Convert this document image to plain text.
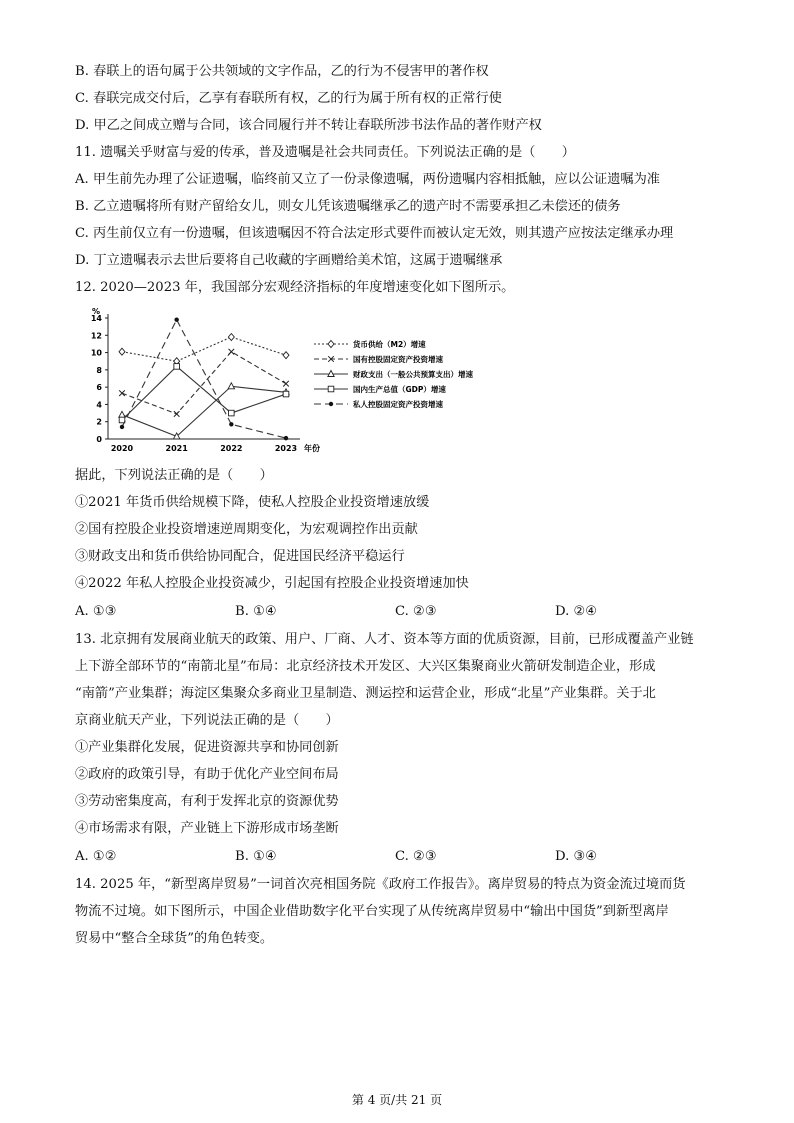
B. 春联上的语句属于公共领域的文字作品，乙的行为不侵害甲的著作权
C. 春联完成交付后，乙享有春联所有权，乙的行为属于所有权的正常行使
D. 甲乙之间成立赠与合同，该合同履行并不转让春联所涉书法作品的著作财产权
11. 遗嘱关乎财富与爱的传承，普及遗嘱是社会共同责任。下列说法正确的是（　　）
A. 甲生前先办理了公证遗嘱，临终前又立了一份录像遗嘱，两份遗嘱内容相抵触，应以公证遗嘱为准
B. 乙立遗嘱将所有财产留给女儿，则女儿凭该遗嘱继承乙的遗产时不需要承担乙未偿还的债务
C. 丙生前仅立有一份遗嘱，但该遗嘱因不符合法定形式要件而被认定无效，则其遗产应按法定继承办理
D. 丁立遗嘱表示去世后要将自己收藏的字画赠给美术馆，这属于遗嘱继承
12. 2020—2023 年，我国部分宏观经济指标的年度增速变化如下图所示。
%
0
2
4
6
8
10
12
14
2020	2021	2022	2023 年份
货币供给（M2）增速
国有控股固定资产投资增速
财政支出（一般公共预算支出）增速
国内生产总值（GDP）增速
私人控股固定资产投资增速
据此，下列说法正确的是（　　）
①2021 年货币供给规模下降，使私人控股企业投资增速放缓
②国有控股企业投资增速逆周期变化，为宏观调控作出贡献
③财政支出和货币供给协同配合，促进国民经济平稳运行
④2022 年私人控股企业投资减少，引起国有控股企业投资增速加快
A. ①③	B. ①④	C. ②③	D. ②④
13. 北京拥有发展商业航天的政策、用户、厂商、人才、资本等方面的优质资源，目前，已形成覆盖产业链
上下游全部环节的“南箭北星”布局：北京经济技术开发区、大兴区集聚商业火箭研发制造企业，形成
“南箭”产业集群；海淀区集聚众多商业卫星制造、测运控和运营企业，形成“北星”产业集群。关于北
京商业航天产业，下列说法正确的是（　　）
①产业集群化发展，促进资源共享和协同创新
②政府的政策引导，有助于优化产业空间布局
③劳动密集度高，有利于发挥北京的资源优势
④市场需求有限，产业链上下游形成市场垄断
A. ①②	B. ①④	C. ②③	D. ③④
14. 2025 年，“新型离岸贸易”一词首次亮相国务院《政府工作报告》。离岸贸易的特点为资金流过境而货
物流不过境。如下图所示，中国企业借助数字化平台实现了从传统离岸贸易中“输出中国货”到新型离岸
贸易中“整合全球货”的角色转变。
第 4 页/共 21 页
